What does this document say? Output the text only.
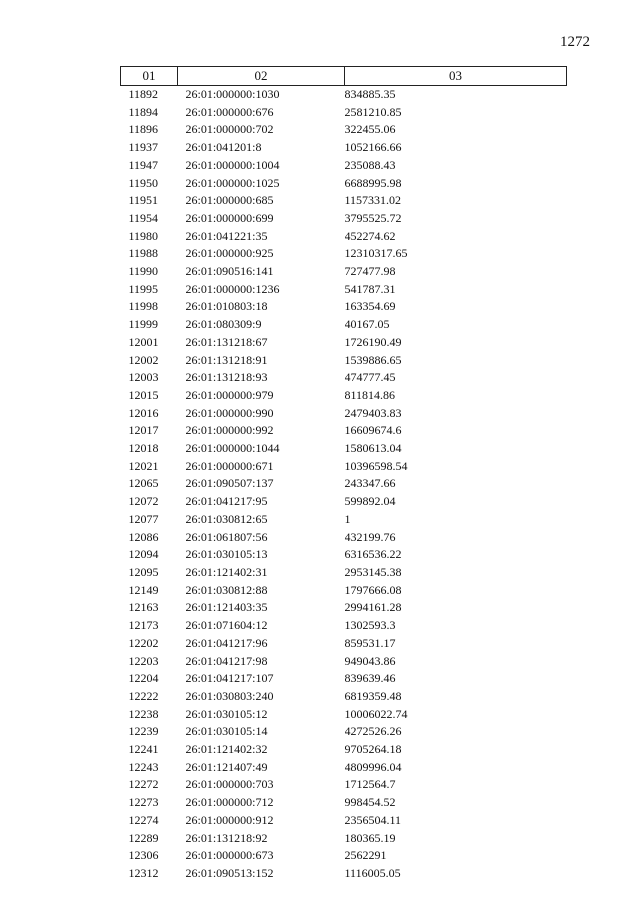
1272
01	02	03
11892	26:01:000000:1030	834885.35
11894	26:01:000000:676	2581210.85
11896	26:01:000000:702	322455.06
11937	26:01:041201:8	1052166.66
11947	26:01:000000:1004	235088.43
11950	26:01:000000:1025	6688995.98
11951	26:01:000000:685	1157331.02
11954	26:01:000000:699	3795525.72
11980	26:01:041221:35	452274.62
11988	26:01:000000:925	12310317.65
11990	26:01:090516:141	727477.98
11995	26:01:000000:1236	541787.31
11998	26:01:010803:18	163354.69
11999	26:01:080309:9	40167.05
12001	26:01:131218:67	1726190.49
12002	26:01:131218:91	1539886.65
12003	26:01:131218:93	474777.45
12015	26:01:000000:979	811814.86
12016	26:01:000000:990	2479403.83
12017	26:01:000000:992	16609674.6
12018	26:01:000000:1044	1580613.04
12021	26:01:000000:671	10396598.54
12065	26:01:090507:137	243347.66
12072	26:01:041217:95	599892.04
12077	26:01:030812:65	1
12086	26:01:061807:56	432199.76
12094	26:01:030105:13	6316536.22
12095	26:01:121402:31	2953145.38
12149	26:01:030812:88	1797666.08
12163	26:01:121403:35	2994161.28
12173	26:01:071604:12	1302593.3
12202	26:01:041217:96	859531.17
12203	26:01:041217:98	949043.86
12204	26:01:041217:107	839639.46
12222	26:01:030803:240	6819359.48
12238	26:01:030105:12	10006022.74
12239	26:01:030105:14	4272526.26
12241	26:01:121402:32	9705264.18
12243	26:01:121407:49	4809996.04
12272	26:01:000000:703	1712564.7
12273	26:01:000000:712	998454.52
12274	26:01:000000:912	2356504.11
12289	26:01:131218:92	180365.19
12306	26:01:000000:673	2562291
12312	26:01:090513:152	1116005.05
